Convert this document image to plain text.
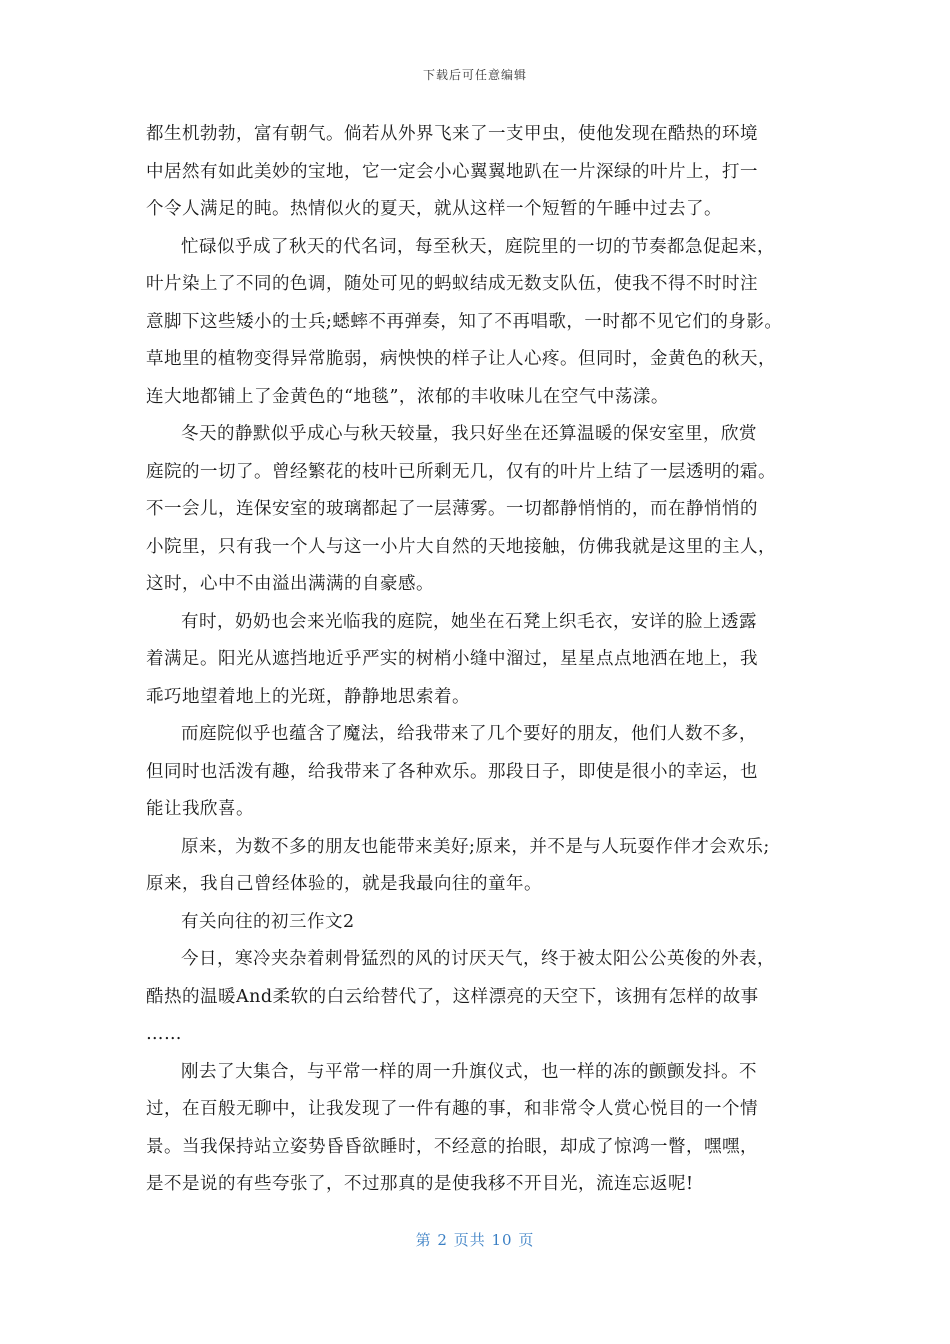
下载后可任意编辑
都生机勃勃，富有朝气。倘若从外界飞来了一支甲虫，使他发现在酷热的环境
中居然有如此美妙的宝地，它一定会小心翼翼地趴在一片深绿的叶片上，打一
个令人满足的盹。热情似火的夏天，就从这样一个短暂的午睡中过去了。
忙碌似乎成了秋天的代名词，每至秋天，庭院里的一切的节奏都急促起来，
叶片染上了不同的色调，随处可见的蚂蚁结成无数支队伍，使我不得不时时注
意脚下这些矮小的士兵;蟋蟀不再弹奏，知了不再唱歌，一时都不见它们的身影。
草地里的植物变得异常脆弱，病怏怏的样子让人心疼。但同时，金黄色的秋天，
连大地都铺上了金黄色的“地毯”，浓郁的丰收味儿在空气中荡漾。
冬天的静默似乎成心与秋天较量，我只好坐在还算温暖的保安室里，欣赏
庭院的一切了。曾经繁花的枝叶已所剩无几，仅有的叶片上结了一层透明的霜。
不一会儿，连保安室的玻璃都起了一层薄雾。一切都静悄悄的，而在静悄悄的
小院里，只有我一个人与这一小片大自然的天地接触，仿佛我就是这里的主人，
这时，心中不由溢出满满的自豪感。
有时，奶奶也会来光临我的庭院，她坐在石凳上织毛衣，安详的脸上透露
着满足。阳光从遮挡地近乎严实的树梢小缝中溜过，星星点点地洒在地上，我
乖巧地望着地上的光斑，静静地思索着。
而庭院似乎也蕴含了魔法，给我带来了几个要好的朋友，他们人数不多，
但同时也活泼有趣，给我带来了各种欢乐。那段日子，即使是很小的幸运，也
能让我欣喜。
原来，为数不多的朋友也能带来美好;原来，并不是与人玩耍作伴才会欢乐;
原来，我自己曾经体验的，就是我最向往的童年。
有关向往的初三作文2
今日，寒冷夹杂着刺骨猛烈的风的讨厌天气，终于被太阳公公英俊的外表，
酷热的温暖And柔软的白云给替代了，这样漂亮的天空下，该拥有怎样的故事
……
刚去了大集合，与平常一样的周一升旗仪式，也一样的冻的颤颤发抖。不
过，在百般无聊中，让我发现了一件有趣的事，和非常令人赏心悦目的一个情
景。当我保持站立姿势昏昏欲睡时，不经意的抬眼，却成了惊鸿一瞥，嘿嘿，
是不是说的有些夸张了，不过那真的是使我移不开目光，流连忘返呢!
第 2 页共 10 页
